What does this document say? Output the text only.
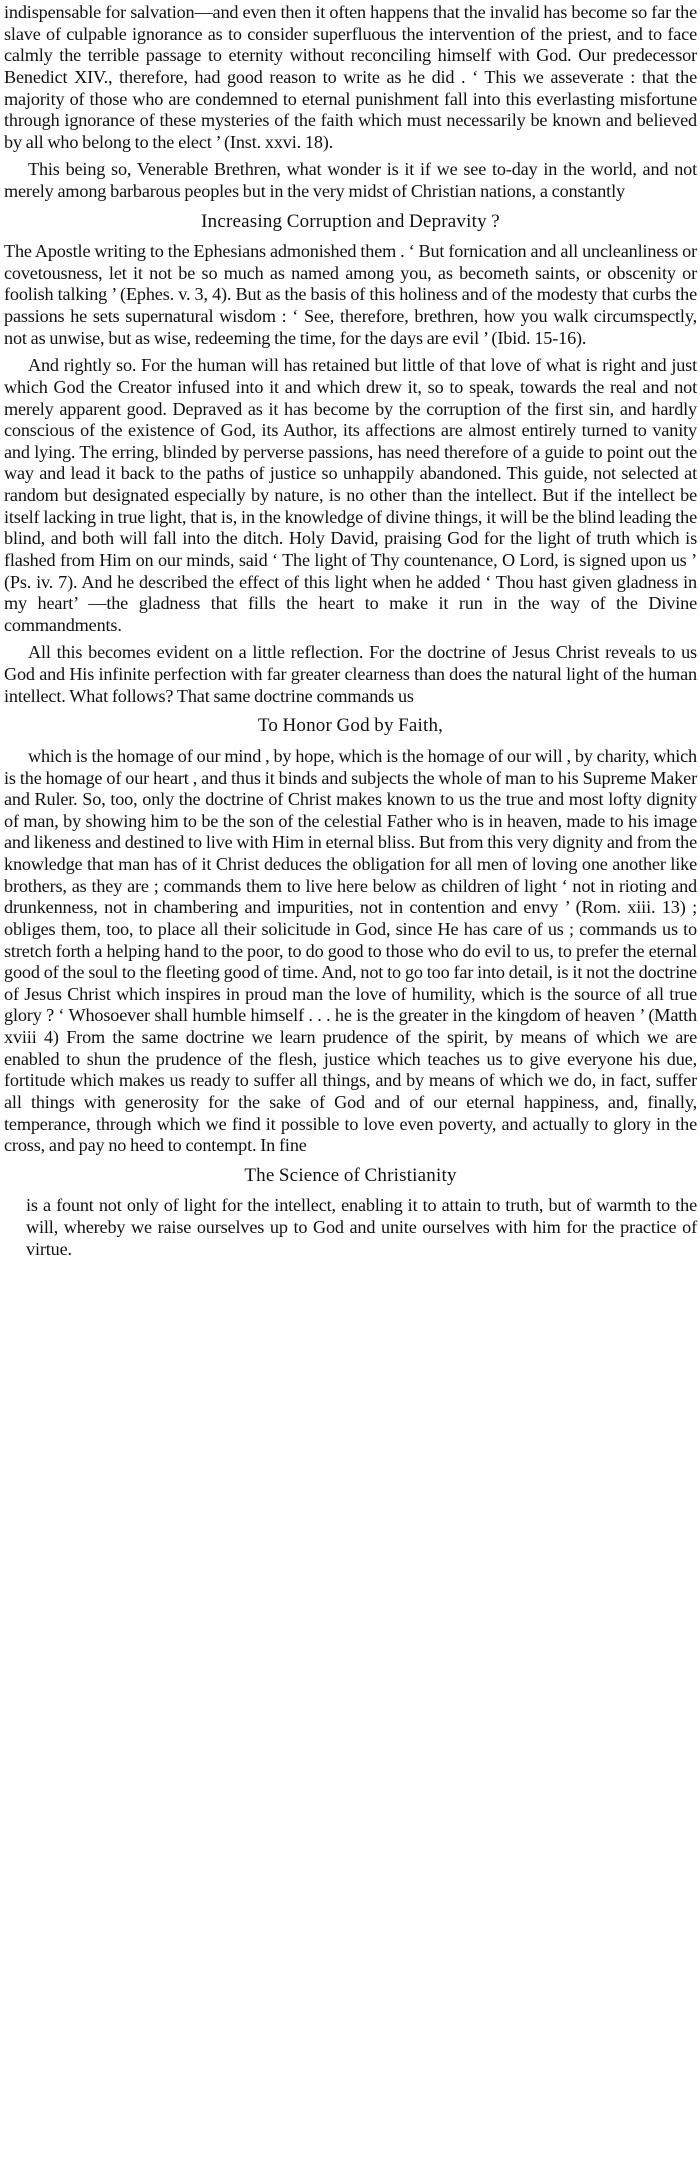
indispensable for salvation—and even then it often happens that the invalid has become so far the slave of culpable ignorance as to consider superfluous the intervention of the priest, and to face calmly the terrible passage to eternity without reconciling himself with God. Our predecessor Benedict XIV., therefore, had good reason to write as he did . ‘ This we asseverate : that the majority of those who are condemned to eternal punishment fall into this everlasting misfortune through ignorance of these mysteries of the faith which must necessarily be known and believed by all who belong to the elect ’ (Inst. xxvi. 18).

This being so, Venerable Brethren, what wonder is it if we see to-day in the world, and not merely among barbarous peoples but in the very midst of Christian nations, a constantly

Increasing Corruption and Depravity ?

The Apostle writing to the Ephesians admonished them . ‘ But fornication and all uncleanliness or covetousness, let it not be so much as named among you, as becometh saints, or obscenity or foolish talking ’ (Ephes. v. 3, 4). But as the basis of this holiness and of the modesty that curbs the passions he sets supernatural wisdom : ‘ See, therefore, brethren, how you walk circumspectly, not as unwise, but as wise, redeeming the time, for the days are evil ’ (Ibid. 15-16).

And rightly so. For the human will has retained but little of that love of what is right and just which God the Creator infused into it and which drew it, so to speak, towards the real and not merely apparent good. Depraved as it has become by the corruption of the first sin, and hardly conscious of the existence of God, its Author, its affections are almost entirely turned to vanity and lying. The erring, blinded by perverse passions, has need therefore of a guide to point out the way and lead it back to the paths of justice so unhappily abandoned. This guide, not selected at random but designated especially by nature, is no other than the intellect. But if the intellect be itself lacking in true light, that is, in the knowledge of divine things, it will be the blind leading the blind, and both will fall into the ditch. Holy David, praising God for the light of truth which is flashed from Him on our minds, said ‘ The light of Thy countenance, O Lord, is signed upon us ’ (Ps. iv. 7). And he described the effect of this light when he added ‘ Thou hast given gladness in my heart’ —the gladness that fills the heart to make it run in the way of the Divine commandments.

All this becomes evident on a little reflection. For the doctrine of Jesus Christ reveals to us God and His infinite perfection with far greater clearness than does the natural light of the human intellect. What follows? That same doctrine commands us

To Honor God by Faith,

which is the homage of our mind , by hope, which is the homage of our will , by charity, which is the homage of our heart , and thus it binds and subjects the whole of man to his Supreme Maker and Ruler. So, too, only the doctrine of Christ makes known to us the true and most lofty dignity of man, by showing him to be the son of the celestial Father who is in heaven, made to his image and likeness and destined to live with Him in eternal bliss. But from this very dignity and from the knowledge that man has of it Christ deduces the obligation for all men of loving one another like brothers, as they are ; commands them to live here below as children of light ‘ not in rioting and drunkenness, not in chambering and impurities, not in contention and envy ’ (Rom. xiii. 13) ; obliges them, too, to place all their solicitude in God, since He has care of us ; commands us to stretch forth a helping hand to the poor, to do good to those who do evil to us, to prefer the eternal good of the soul to the fleeting good of time. And, not to go too far into detail, is it not the doctrine of Jesus Christ which inspires in proud man the love of humility, which is the source of all true glory ? ‘ Whosoever shall humble himself . . . he is the greater in the kingdom of heaven ’ (Matth xviii 4) From the same doctrine we learn prudence of the spirit, by means of which we are enabled to shun the prudence of the flesh, justice which teaches us to give everyone his due, fortitude which makes us ready to suffer all things, and by means of which we do, in fact, suffer all things with generosity for the sake of God and of our eternal happiness, and, finally, temperance, through which we find it possible to love even poverty, and actually to glory in the cross, and pay no heed to contempt. In fine

The Science of Christianity

is a fount not only of light for the intellect, enabling it to attain to truth, but of warmth to the will, whereby we raise ourselves up to God and unite ourselves with him for the practice of virtue.
